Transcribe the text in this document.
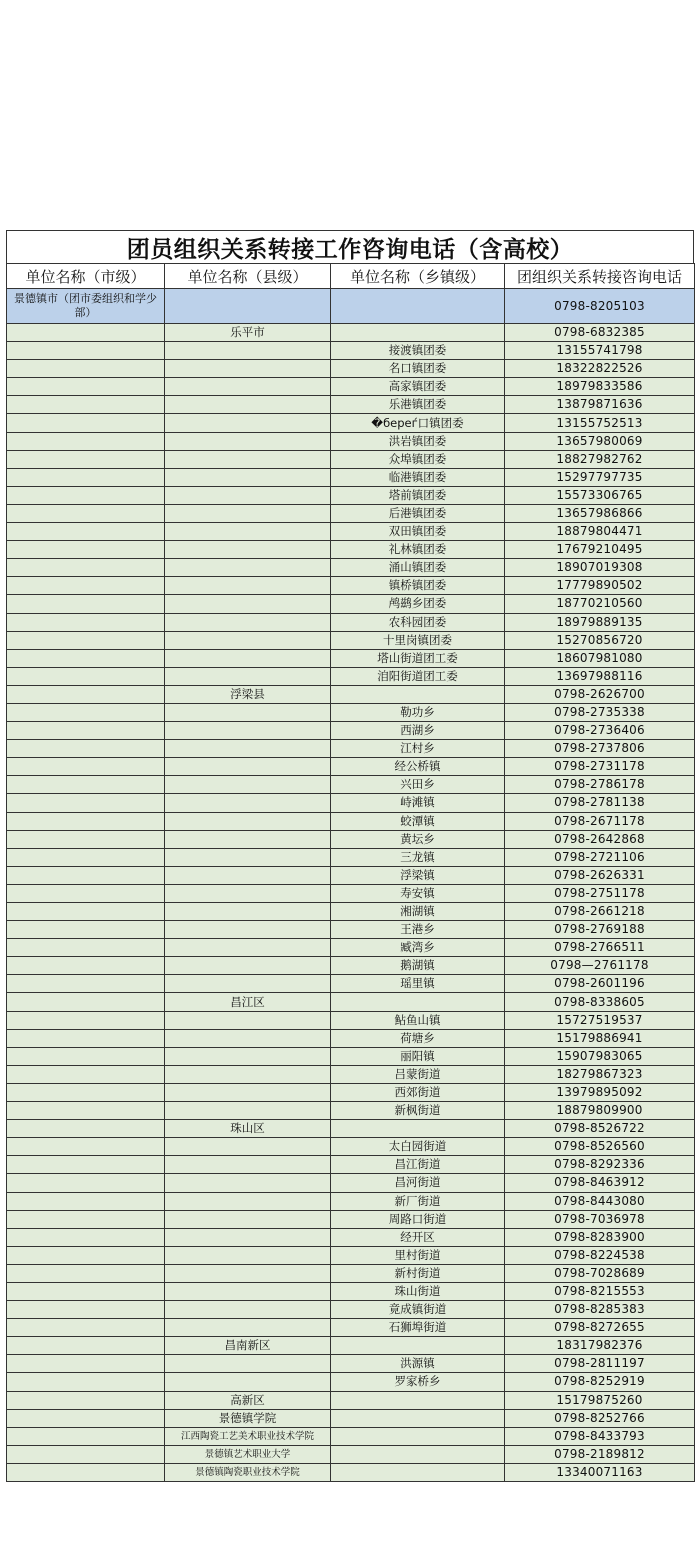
团员组织关系转接工作咨询电话（含高校）
单位名称（市级）	单位名称（县级）	单位名称（乡镇级）	团组织关系转接咨询电话
景德镇市（团市委组织和学少部）			0798-8205103
	乐平市		0798-6832385
		接渡镇团委	13155741798
		名口镇团委	18322822526
		高家镇团委	18979833586
		乐港镇团委	13879871636
		�береѓ口镇团委	13155752513
		洪岩镇团委	13657980069
		众埠镇团委	18827982762
		临港镇团委	15297797735
		塔前镇团委	15573306765
		后港镇团委	13657986866
		双田镇团委	18879804471
		礼林镇团委	17679210495
		涌山镇团委	18907019308
		镇桥镇团委	17779890502
		鸬鹚乡团委	18770210560
		农科园团委	18979889135
		十里岗镇团委	15270856720
		塔山街道团工委	18607981080
		洎阳街道团工委	13697988116
	浮梁县		0798-2626700
		勒功乡	0798-2735338
		西湖乡	0798-2736406
		江村乡	0798-2737806
		经公桥镇	0798-2731178
		兴田乡	0798-2786178
		峙滩镇	0798-2781138
		蛟潭镇	0798-2671178
		黄坛乡	0798-2642868
		三龙镇	0798-2721106
		浮梁镇	0798-2626331
		寿安镇	0798-2751178
		湘湖镇	0798-2661218
		王港乡	0798-2769188
		臧湾乡	0798-2766511
		鹅湖镇	0798—2761178
		瑶里镇	0798-2601196
	昌江区		0798-8338605
		鲇鱼山镇	15727519537
		荷塘乡	15179886941
		丽阳镇	15907983065
		吕蒙街道	18279867323
		西郊街道	13979895092
		新枫街道	18879809900
	珠山区		0798-8526722
		太白园街道	0798-8526560
		昌江街道	0798-8292336
		昌河街道	0798-8463912
		新厂街道	0798-8443080
		周路口街道	0798-7036978
		经开区	0798-8283900
		里村街道	0798-8224538
		新村街道	0798-7028689
		珠山街道	0798-8215553
		竟成镇街道	0798-8285383
		石狮埠街道	0798-8272655
	昌南新区		18317982376
		洪源镇	0798-2811197
		罗家桥乡	0798-8252919
	高新区		15179875260
	景德镇学院		0798-8252766
	江西陶瓷工艺美术职业技术学院		0798-8433793
	景德镇艺术职业大学		0798-2189812
	景德镇陶瓷职业技术学院		13340071163
